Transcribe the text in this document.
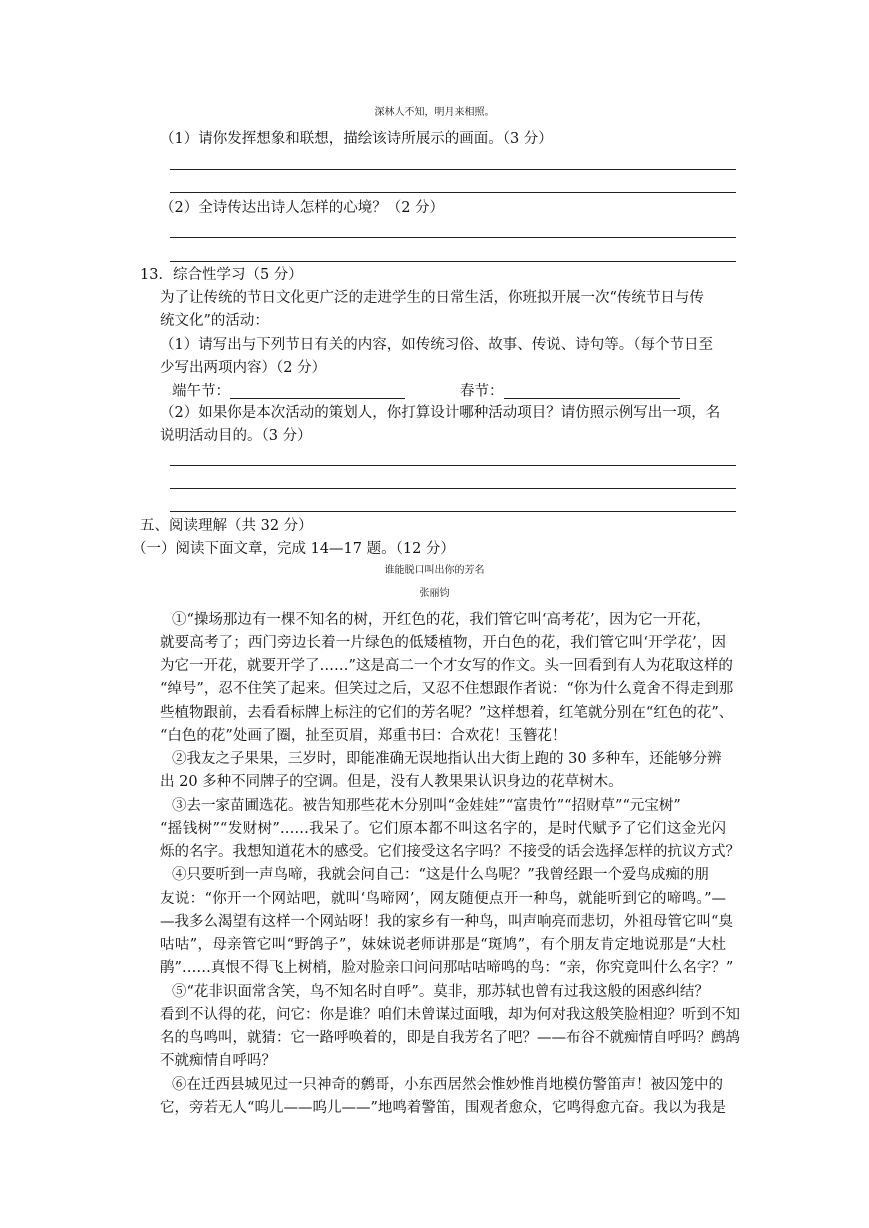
深林人不知，明月来相照。
（1）请你发挥想象和联想，描绘该诗所展示的画面。（3 分）
（2）全诗传达出诗人怎样的心境？（2 分）
13．综合性学习（5 分）
为了让传统的节日文化更广泛的走进学生的日常生活，你班拟开展一次“传统节日与传
统文化”的活动：
（1）请写出与下列节日有关的内容，如传统习俗、故事、传说、诗句等。（每个节日至
少写出两项内容）（2 分）
端午节：	春节：
（2）如果你是本次活动的策划人，你打算设计哪种活动项目？请仿照示例写出一项，名
说明活动目的。（3 分）
五、阅读理解（共 32 分）
（一）阅读下面文章，完成 14—17 题。（12 分）
谁能脱口叫出你的芳名
张丽钧
①“操场那边有一棵不知名的树，开红色的花，我们管它叫‘高考花’，因为它一开花，
就要高考了；西门旁边长着一片绿色的低矮植物，开白色的花，我们管它叫‘开学花’，因
为它一开花，就要开学了……”这是高二一个才女写的作文。头一回看到有人为花取这样的
“绰号”，忍不住笑了起来。但笑过之后，又忍不住想跟作者说：“你为什么竟舍不得走到那
些植物跟前，去看看标牌上标注的它们的芳名呢？”这样想着，红笔就分别在“红色的花”、
“白色的花”处画了圈，扯至页眉，郑重书曰：合欢花！玉簪花！
②我友之子果果，三岁时，即能准确无误地指认出大街上跑的 30 多种车，还能够分辨
出 20 多种不同牌子的空调。但是，没有人教果果认识身边的花草树木。
③去一家苗圃选花。被告知那些花木分别叫“金娃娃”“富贵竹”“招财草”“元宝树”
“摇钱树”“发财树”……我呆了。它们原本都不叫这名字的，是时代赋予了它们这金光闪
烁的名字。我想知道花木的感受。它们接受这名字吗？不接受的话会选择怎样的抗议方式？
④只要听到一声鸟啼，我就会问自己：“这是什么鸟呢？”我曾经跟一个爱鸟成痴的朋
友说：“你开一个网站吧，就叫‘鸟啼网’，网友随便点开一种鸟，就能听到它的啼鸣。”—
—我多么渴望有这样一个网站呀！我的家乡有一种鸟，叫声响亮而悲切，外祖母管它叫“臭
咕咕”，母亲管它叫“野鸽子”，妹妹说老师讲那是“斑鸠”，有个朋友肯定地说那是“大杜
鹃”……真恨不得飞上树梢，脸对脸亲口问问那咕咕啼鸣的鸟：“亲，你究竟叫什么名字？”
⑤“花非识面常含笑，鸟不知名时自呼”。莫非，那苏轼也曾有过我这般的困惑纠结？
看到不认得的花，问它：你是谁？咱们未曾谋过面哦，却为何对我这般笑脸相迎？听到不知
名的鸟鸣叫，就猜：它一路呼唤着的，即是自我芳名了吧？——布谷不就痴情自呼吗？鹧鸪
不就痴情自呼吗？
⑥在迁西县城见过一只神奇的鹩哥，小东西居然会惟妙惟肖地模仿警笛声！被囚笼中的
它，旁若无人“呜儿——呜儿——”地鸣着警笛，围观者愈众，它鸣得愈亢奋。我以为我是
